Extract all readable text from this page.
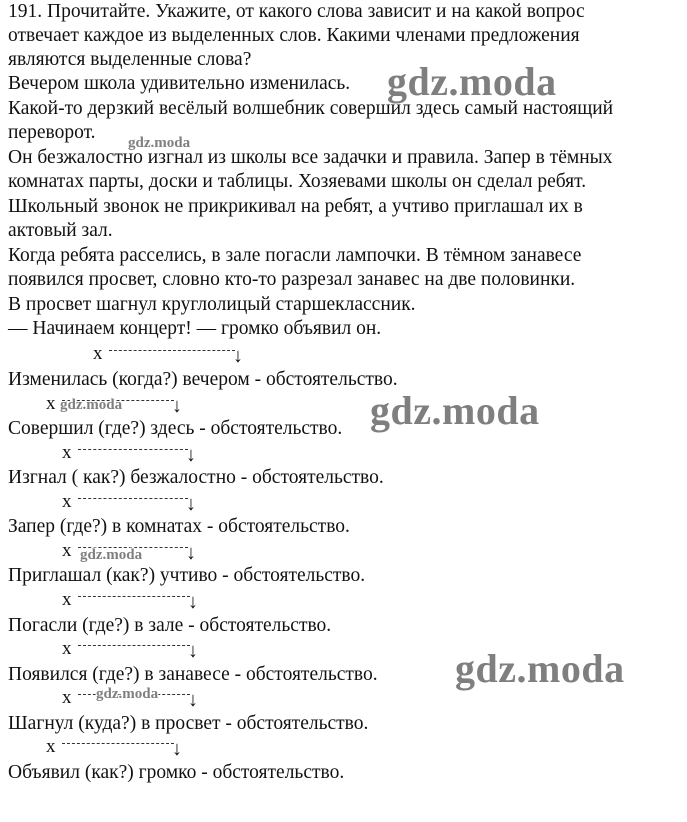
191. Прочитайте. Укажите, от какого слова зависит и на какой вопрос
отвечает каждое из выделенных слов. Какими членами предложения
являются выделенные слова?
Вечером школа удивительно изменилась.
Какой-то дерзкий весёлый волшебник совершил здесь самый настоящий
переворот.
Он безжалостно изгнал из школы все задачки и правила. Запер в тёмных
комнатах парты, доски и таблицы. Хозяевами школы он сделал ребят.
Школьный звонок не прикрикивал на ребят, а учтиво приглашал их в
актовый зал.
Когда ребята расселись, в зале погасли лампочки. В тёмном занавесе
появился просвет, словно кто-то разрезал занавес на две половинки.
В просвет шагнул круглолицый старшеклассник.
— Начинаем концерт! — громко объявил он.
x	↓
Изменилась (когда?) вечером - обстоятельство.
x	↓
Совершил (где?) здесь - обстоятельство.
x	↓
Изгнал ( как?) безжалостно - обстоятельство.
x	↓
Запер (где?) в комнатах - обстоятельство.
x	↓
Приглашал (как?) учтиво - обстоятельство.
x	↓
Погасли (где?) в зале - обстоятельство.
x	↓
Появился (где?) в занавесе - обстоятельство.
x	↓
Шагнул (куда?) в просвет - обстоятельство.
x	↓
Объявил (как?) громко - обстоятельство.
gdz.moda
gdz.moda
gdz.moda	gdz.moda
gdz.moda
gdz.moda
gdz.moda
